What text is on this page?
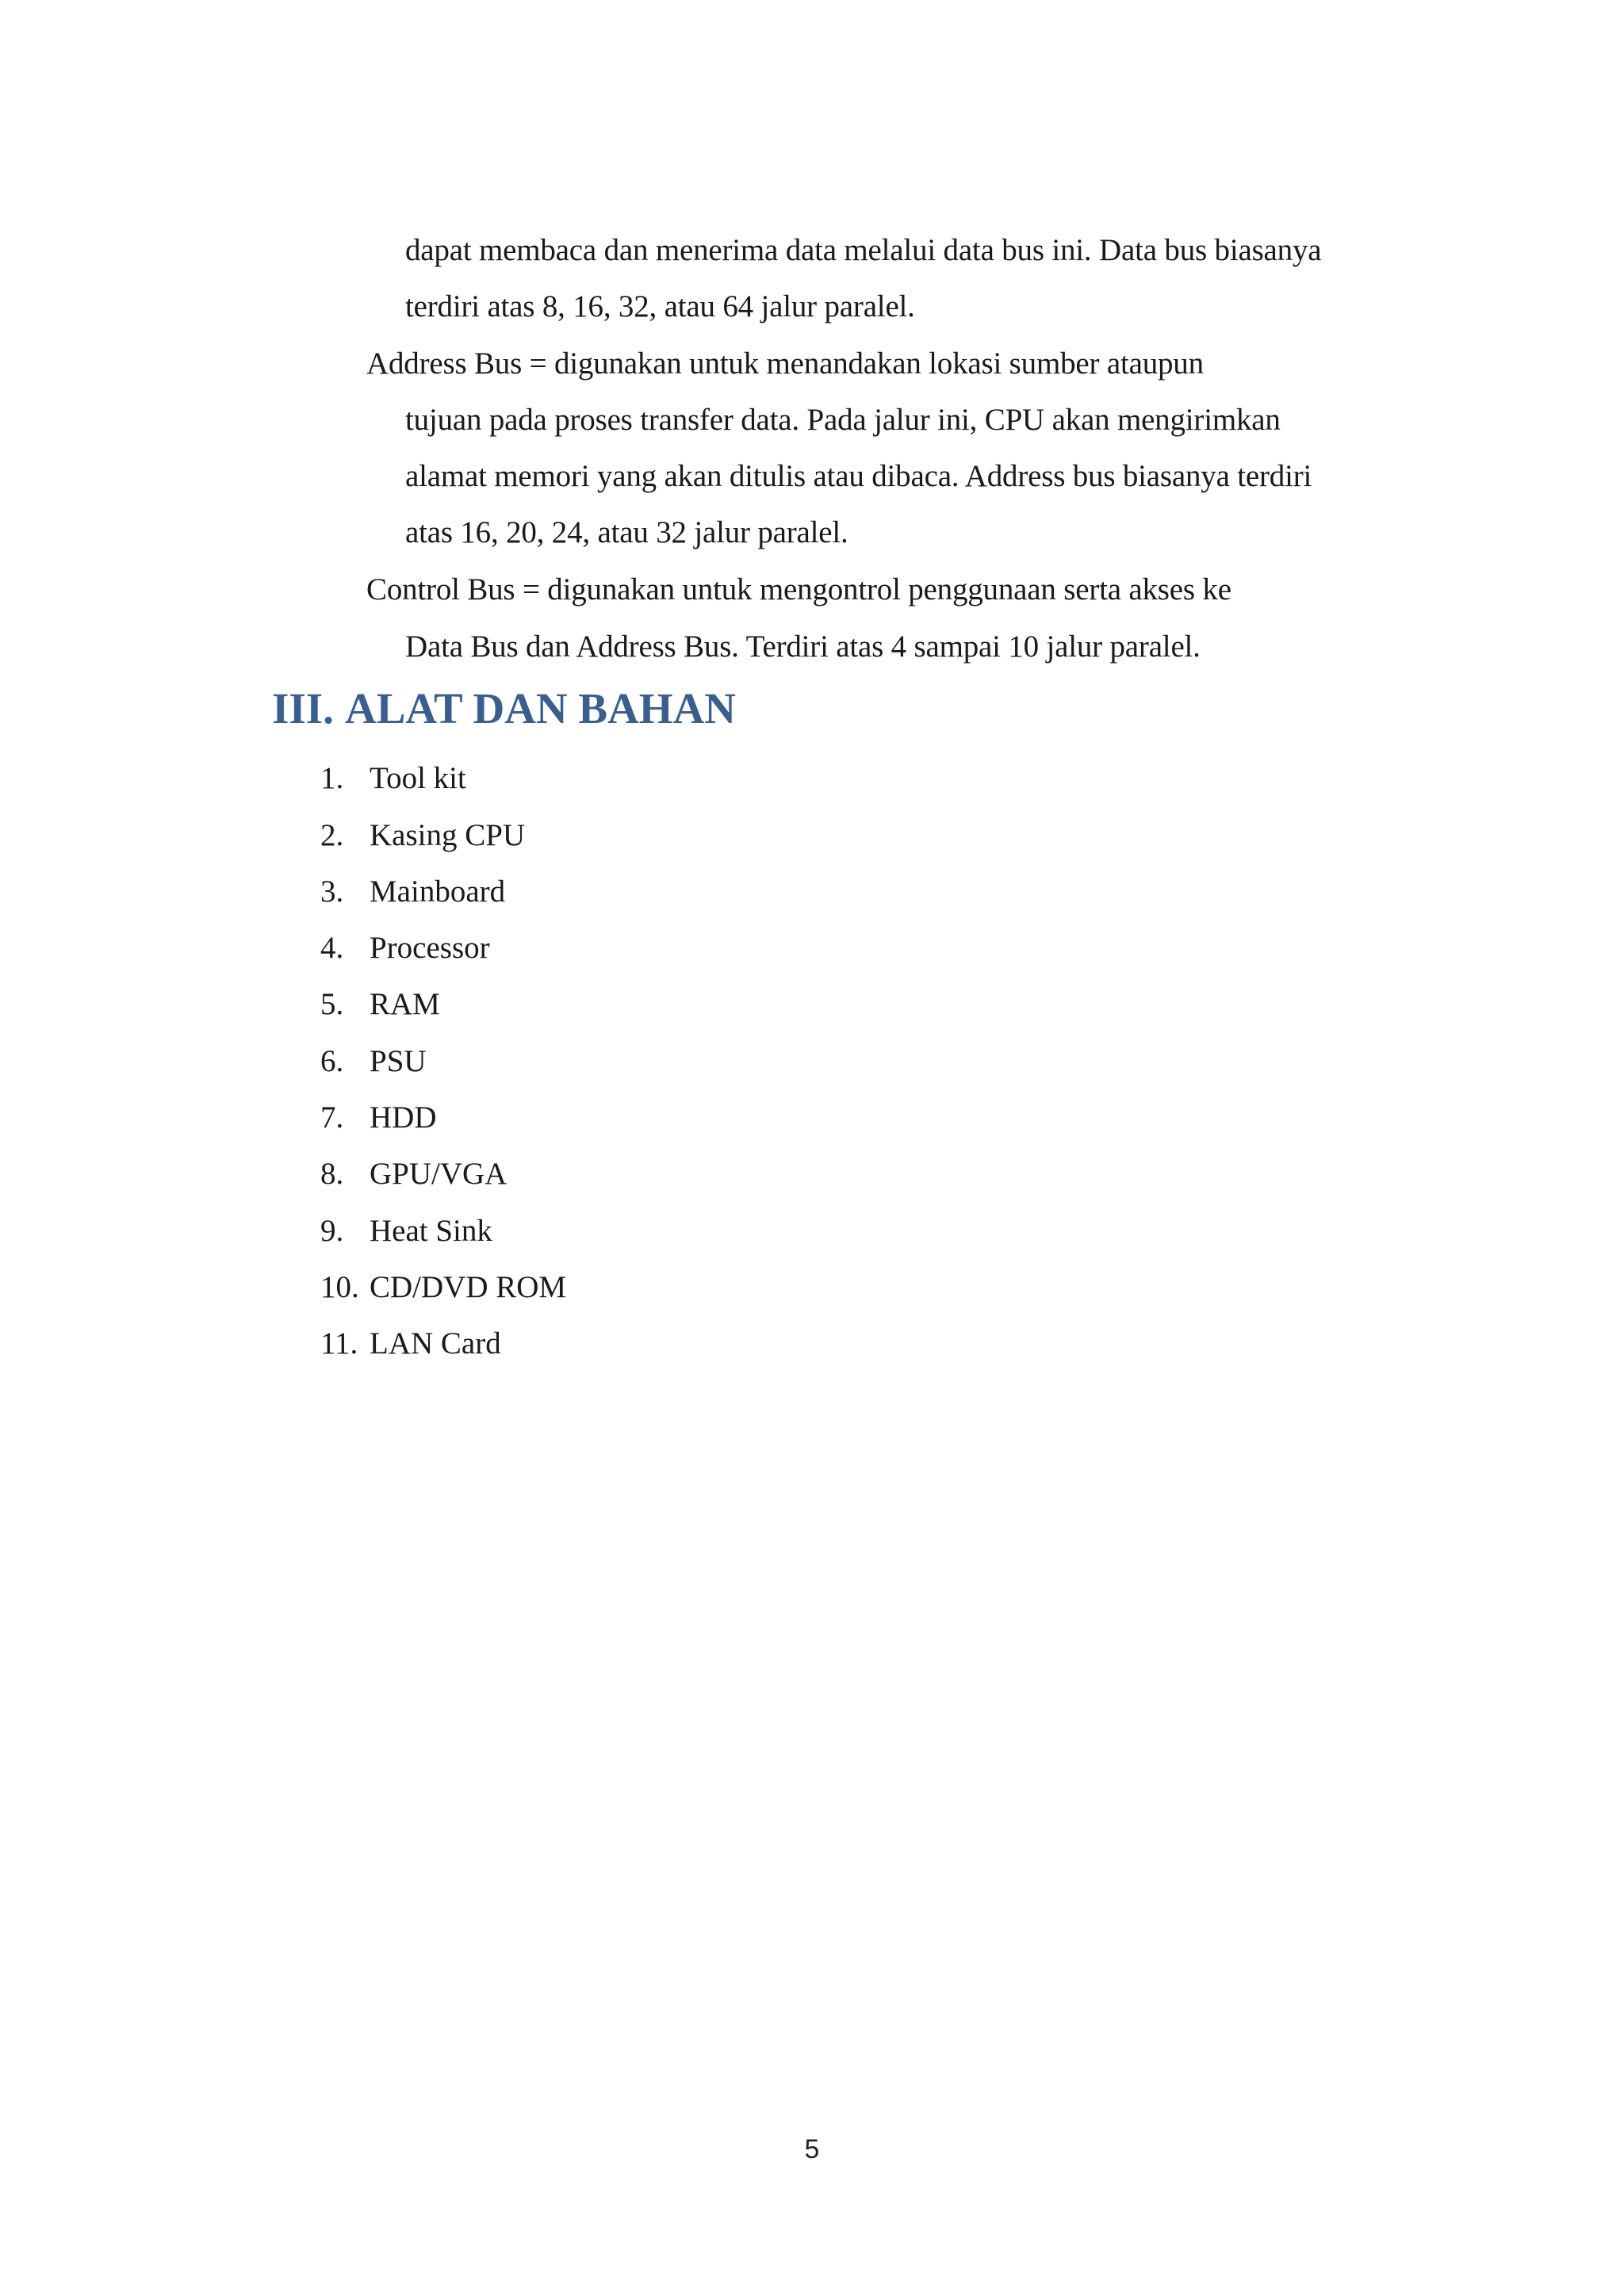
dapat membaca dan menerima data melalui data bus ini. Data bus biasanya
terdiri atas 8, 16, 32, atau 64 jalur paralel.
Address Bus = digunakan untuk menandakan lokasi sumber ataupun
tujuan pada proses transfer data. Pada jalur ini, CPU akan mengirimkan
alamat memori yang akan ditulis atau dibaca. Address bus biasanya terdiri
atas 16, 20, 24, atau 32 jalur paralel.
Control Bus = digunakan untuk mengontrol penggunaan serta akses ke
Data Bus dan Address Bus. Terdiri atas 4 sampai 10 jalur paralel.
III. ALAT DAN BAHAN
1. Tool kit
2. Kasing CPU
3. Mainboard
4. Processor
5. RAM
6. PSU
7. HDD
8. GPU/VGA
9. Heat Sink
10. CD/DVD ROM
11. LAN Card
5
